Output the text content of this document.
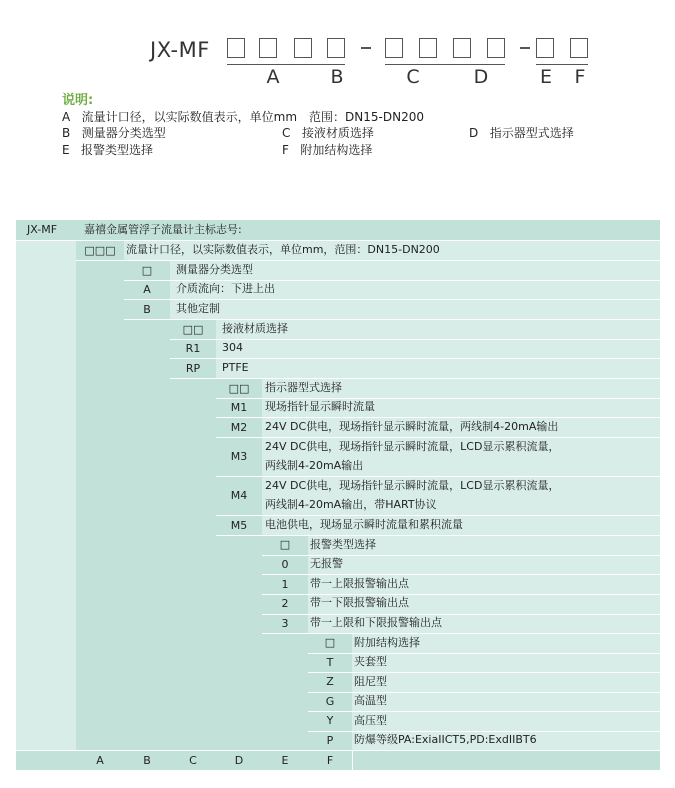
JX-MF
A	B	C	D	E F
说明:
A 流量计口径，以实际数值表示，单位mm　范围：DN15-DN200
B 测量器分类选型	C 接液材质选择	D 指示器型式选择
E 报警类型选择	F 附加结构选择
JX-MF 嘉禧金属管浮子流量计主标志号:
□□□ 流量计口径，以实际数值表示，单位mm，范围：DN15-DN200
□	测量器分类选型
A	介质流向：下进上出
B	其他定制
□□	接液材质选择
R1	304
RP	PTFE
□□	指示器型式选择
M1	现场指针显示瞬时流量
M2	24V DC供电，现场指针显示瞬时流量，两线制4-20mA输出
M3
24V DC供电，现场指针显示瞬时流量，LCD显示累积流量，
两线制4-20mA输出
M4
24V DC供电，现场指针显示瞬时流量，LCD显示累积流量，
两线制4-20mA输出，带HART协议
M5	电池供电，现场显示瞬时流量和累积流量
□	报警类型选择
0	无报警
1	带一上限报警输出点
2	带一下限报警输出点
3	带一上限和下限报警输出点
□	附加结构选择
T	夹套型
Z	阻尼型
G	高温型
Y	高压型
P	防爆等级PA:ExiaIICT5,PD:ExdIIBT6
A	B	C	D	E	F
